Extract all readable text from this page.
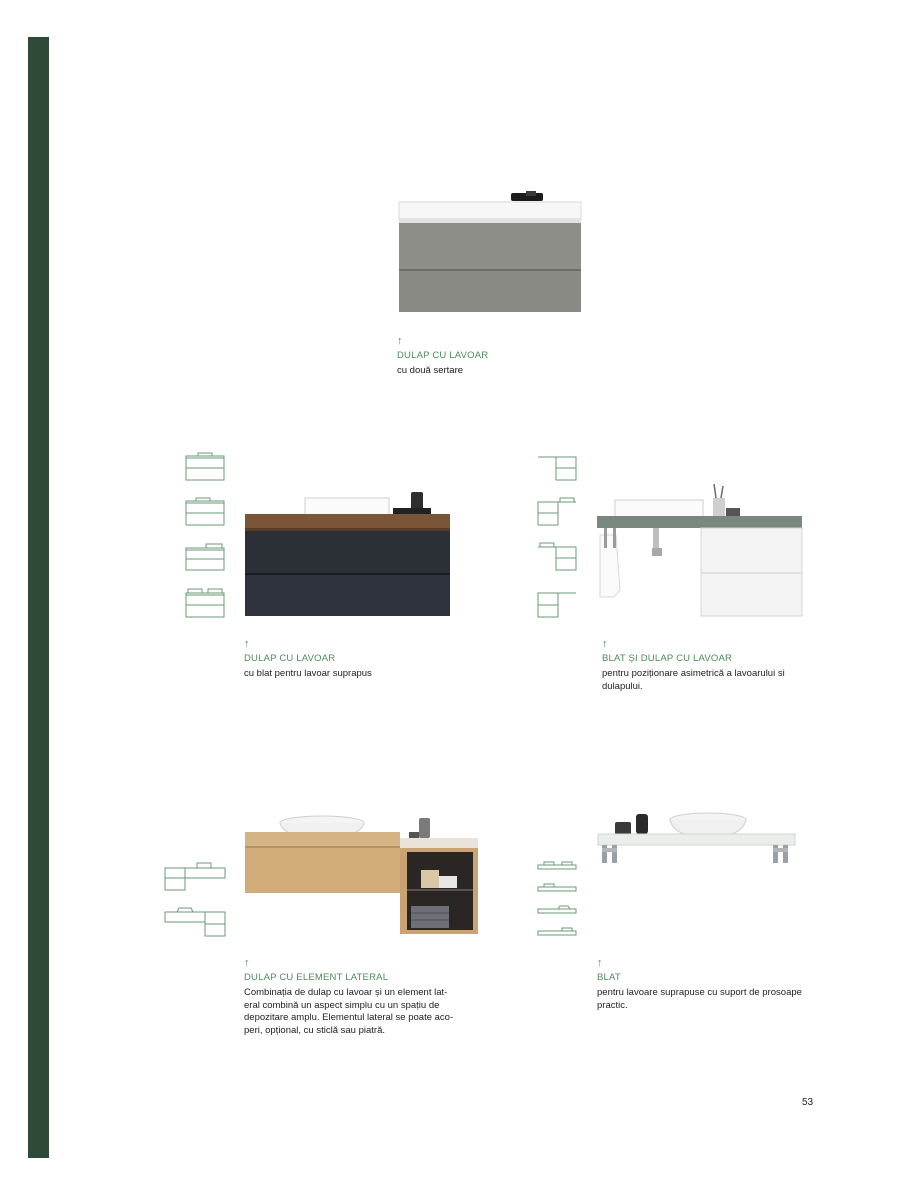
↑
DULAP CU LAVOAR
cu două sertare
↑
DULAP CU LAVOAR
cu blat pentru lavoar suprapus
↑
BLAT ȘI DULAP CU LAVOAR
pentru poziționare asimetrică a lavoarului si
dulapului.
↑
DULAP CU ELEMENT LATERAL
Combinația de dulap cu lavoar și un element lat-
eral combină un aspect simplu cu un spațiu de
depozitare amplu. Elementul lateral se poate aco-
peri, opțional, cu sticlă sau piatră.
↑
BLAT
pentru lavoare suprapuse cu suport de prosoape
practic.
53
